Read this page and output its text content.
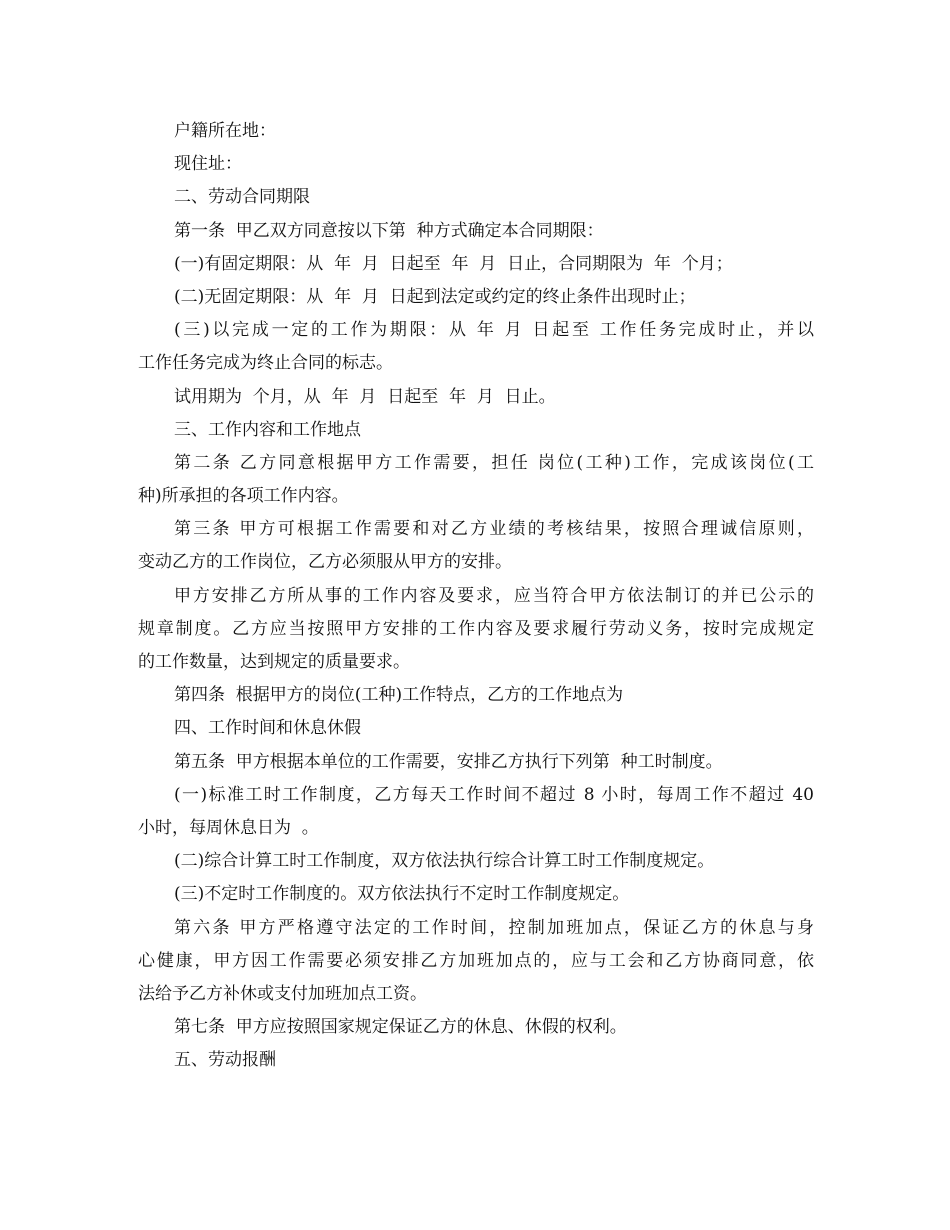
户籍所在地：
现住址：
二、劳动合同期限
第一条  甲乙双方同意按以下第  种方式确定本合同期限：
(一)有固定期限：从  年  月  日起至  年  月  日止，合同期限为  年  个月；
(二)无固定期限：从  年  月  日起到法定或约定的终止条件出现时止；
(三)以完成一定的工作为期限：从 年 月 日起至 工作任务完成时止，并以
工作任务完成为终止合同的标志。
试用期为  个月，从  年  月  日起至  年  月  日止。
三、工作内容和工作地点
第二条 乙方同意根据甲方工作需要，担任 岗位(工种)工作，完成该岗位(工
种)所承担的各项工作内容。
第三条 甲方可根据工作需要和对乙方业绩的考核结果，按照合理诚信原则，
变动乙方的工作岗位，乙方必须服从甲方的安排。
甲方安排乙方所从事的工作内容及要求，应当符合甲方依法制订的并已公示的
规章制度。乙方应当按照甲方安排的工作内容及要求履行劳动义务，按时完成规定
的工作数量，达到规定的质量要求。
第四条  根据甲方的岗位(工种)工作特点，乙方的工作地点为
四、工作时间和休息休假
第五条  甲方根据本单位的工作需要，安排乙方执行下列第  种工时制度。
(一)标准工时工作制度，乙方每天工作时间不超过 8 小时，每周工作不超过 40
小时，每周休息日为  。
(二)综合计算工时工作制度，双方依法执行综合计算工时工作制度规定。
(三)不定时工作制度的。双方依法执行不定时工作制度规定。
第六条 甲方严格遵守法定的工作时间，控制加班加点，保证乙方的休息与身
心健康，甲方因工作需要必须安排乙方加班加点的，应与工会和乙方协商同意，依
法给予乙方补休或支付加班加点工资。
第七条  甲方应按照国家规定保证乙方的休息、休假的权利。
五、劳动报酬
